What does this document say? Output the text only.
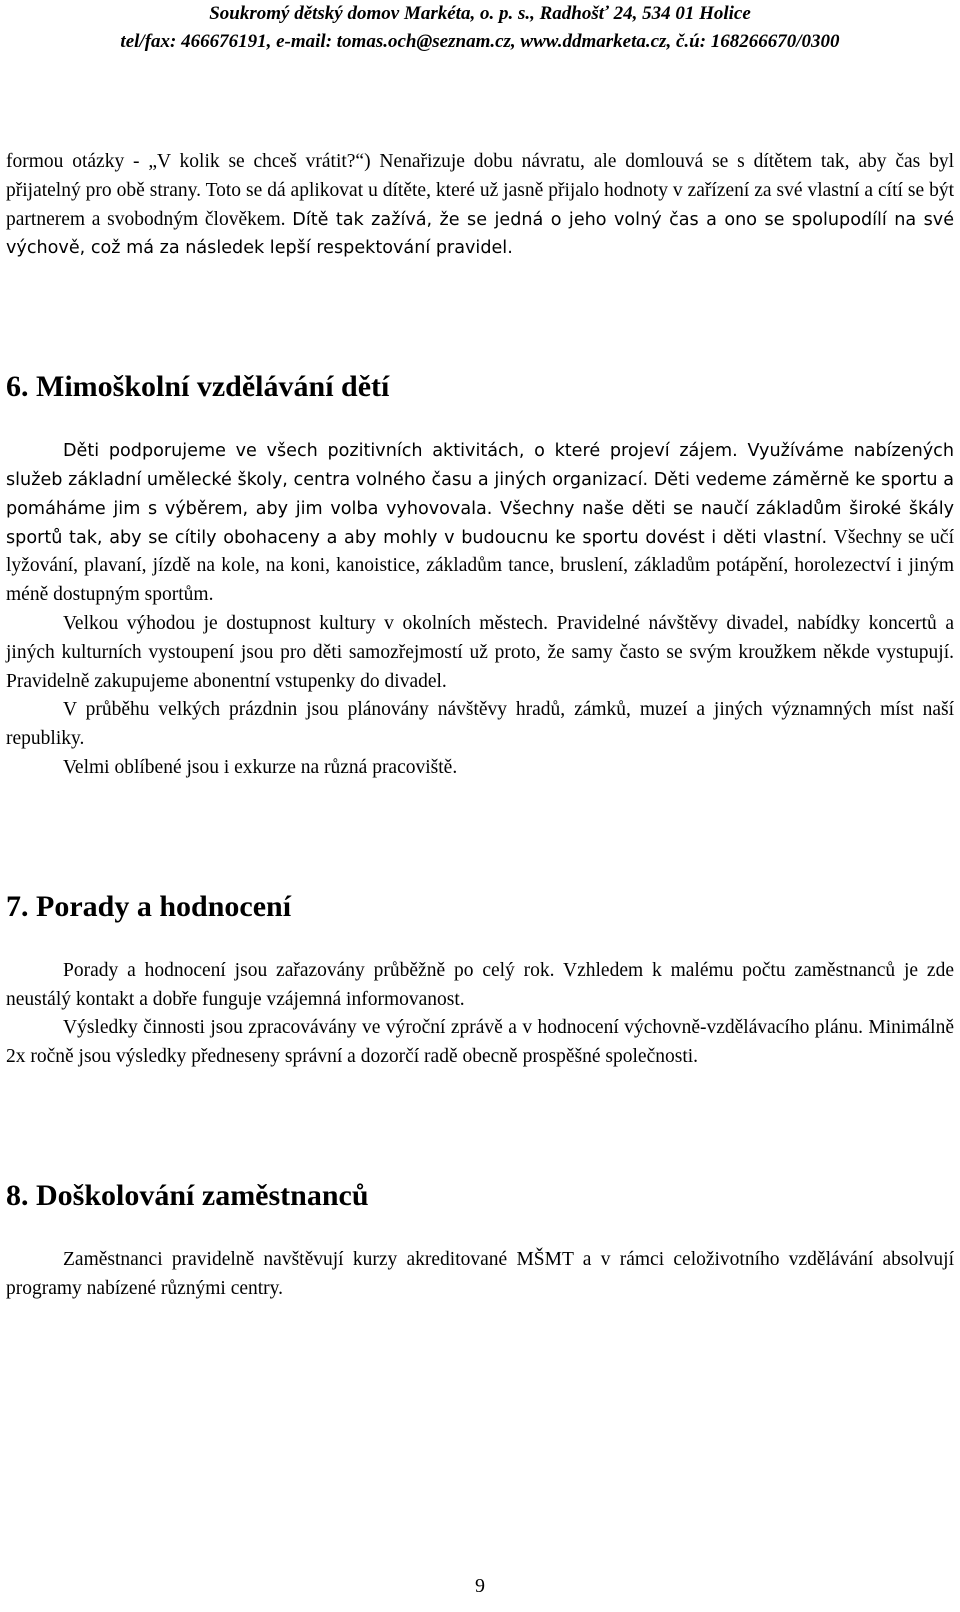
Soukromý dětský domov Markéta, o. p. s., Radhošť 24, 534 01 Holice
tel/fax: 466676191, e-mail: tomas.och@seznam.cz, www.ddmarketa.cz, č.ú: 168266670/0300

formou otázky - „V kolik se chceš vrátit?“) Nenařizuje dobu návratu, ale domlouvá se s dítětem tak, aby čas byl přijatelný pro obě strany. Toto se dá aplikovat u dítěte, které už jasně přijalo hodnoty v zařízení za své vlastní a cítí se být partnerem a svobodným člověkem. Dítě tak zažívá, že se jedná o jeho volný čas a ono se spolupodílí na své výchově, což má za následek lepší respektování pravidel.

6. Mimoškolní vzdělávání dětí

Děti podporujeme ve všech pozitivních aktivitách, o které projeví zájem. Využíváme nabízených služeb základní umělecké školy, centra volného času a jiných organizací. Děti vedeme záměrně ke sportu a pomáháme jim s výběrem, aby jim volba vyhovovala. Všechny naše děti se naučí základům široké škály sportů tak, aby se cítily obohaceny a aby mohly v budoucnu ke sportu dovést i děti vlastní. Všechny se učí lyžování, plavaní, jízdě na kole, na koni, kanoistice, základům tance, bruslení, základům potápění, horolezectví i jiným méně dostupným sportům.

Velkou výhodou je dostupnost kultury v okolních městech. Pravidelné návštěvy divadel, nabídky koncertů a jiných kulturních vystoupení jsou pro děti samozřejmostí už proto, že samy často se svým kroužkem někde vystupují. Pravidelně zakupujeme abonentní vstupenky do divadel.

V průběhu velkých prázdnin jsou plánovány návštěvy hradů, zámků, muzeí a jiných významných míst naší republiky.

Velmi oblíbené jsou i exkurze na různá pracoviště.

7. Porady a hodnocení

Porady a hodnocení jsou zařazovány průběžně po celý rok. Vzhledem k malému počtu zaměstnanců je zde neustálý kontakt a dobře funguje vzájemná informovanost.

Výsledky činnosti jsou zpracovávány ve výroční zprávě a v hodnocení výchovně-vzdělávacího plánu. Minimálně 2x ročně jsou výsledky předneseny správní a dozorčí radě obecně prospěšné společnosti.

8. Doškolování zaměstnanců

Zaměstnanci pravidelně navštěvují kurzy akreditované MŠMT a v rámci celoživotního vzdělávání absolvují programy nabízené různými centry.

9
